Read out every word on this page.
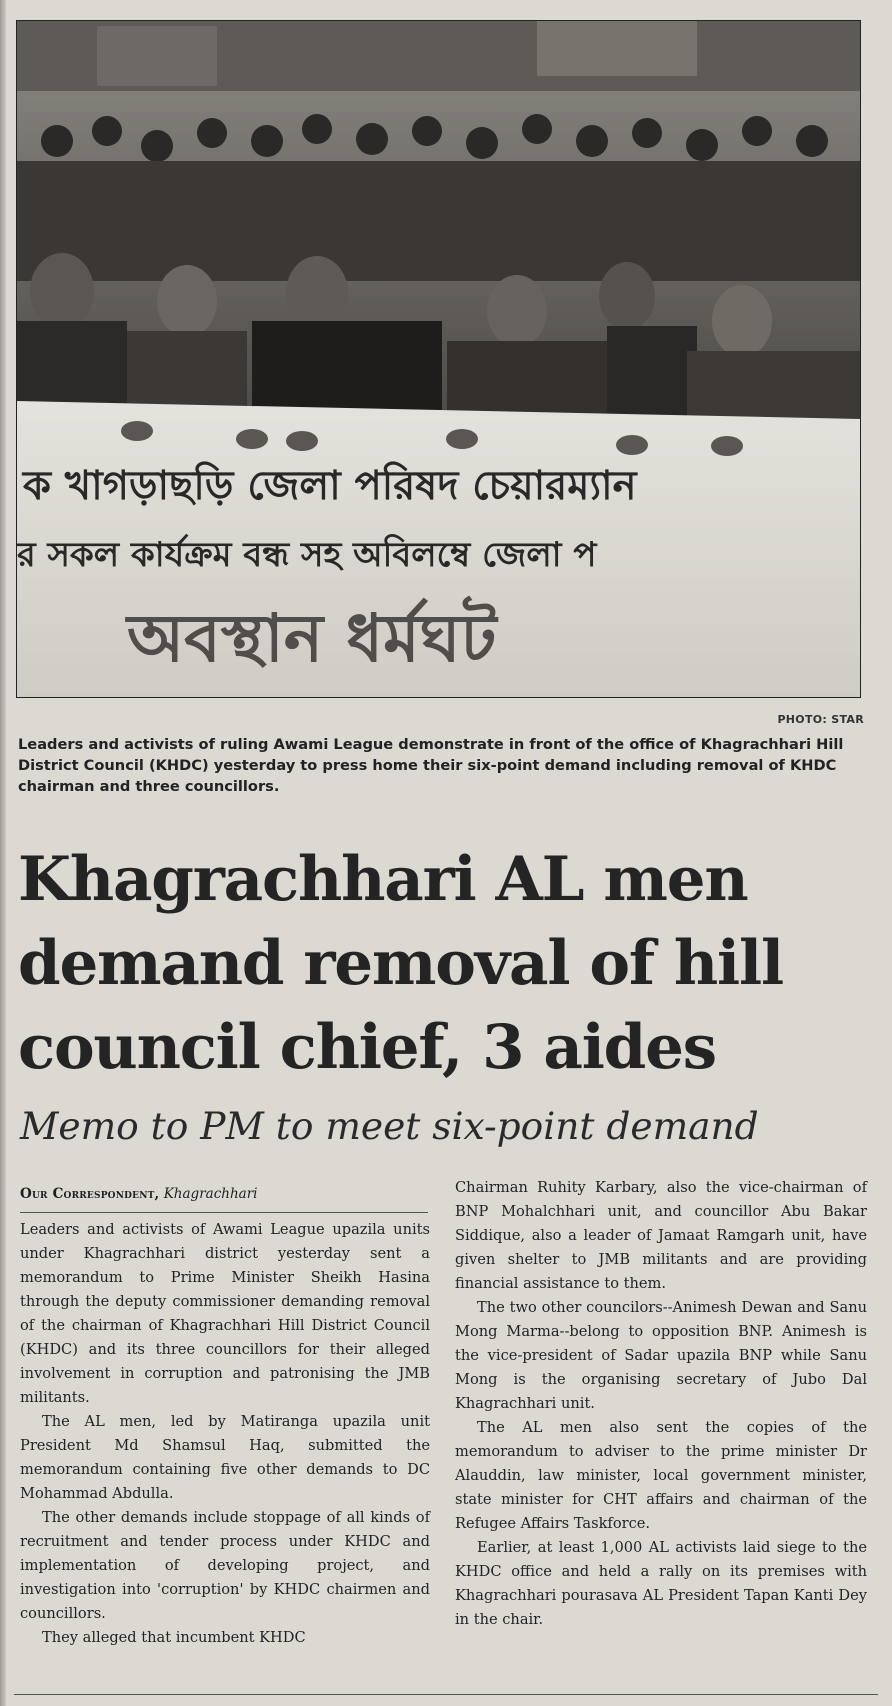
ক খাগড়াছড়ি জেলা পরিষদ চেয়ারম্যান
র সকল কার্যক্রম বন্ধ সহ অবিলম্বে জেলা প
অবস্থান ধর্মঘট
PHOTO: STAR
Leaders and activists of ruling Awami League demonstrate in front of the office of Khagrachhari Hill District Council (KHDC) yesterday to press home their six-point demand including removal of KHDC chairman and three councillors.
Khagrachhari AL men demand removal of hill council chief, 3 aides
Memo to PM to meet six-point demand
Our Correspondent, Khagrachhari

Leaders and activists of Awami League upazila units under Khagrachhari district yesterday sent a memorandum to Prime Minister Sheikh Hasina through the deputy commissioner demanding removal of the chairman of Khagrachhari Hill District Council (KHDC) and its three councillors for their alleged involvement in corruption and patronising the JMB militants.

The AL men, led by Matiranga upazila unit President Md Shamsul Haq, submitted the memorandum containing five other demands to DC Mohammad Abdulla.

The other demands include stoppage of all kinds of recruitment and tender process under KHDC and implementation of developing project, and investigation into 'corruption' by KHDC chairmen and councillors.

They alleged that incumbent KHDC

Chairman Ruhity Karbary, also the vice-chairman of BNP Mohalchhari unit, and councillor Abu Bakar Siddique, also a leader of Jamaat Ramgarh unit, have given shelter to JMB militants and are providing financial assistance to them.

The two other councilors--Animesh Dewan and Sanu Mong Marma--belong to opposition BNP. Animesh is the vice-president of Sadar upazila BNP while Sanu Mong is the organising secretary of Jubo Dal Khagrachhari unit.

The AL men also sent the copies of the memorandum to adviser to the prime minister Dr Alauddin, law minister, local government minister, state minister for CHT affairs and chairman of the Refugee Affairs Taskforce.

Earlier, at least 1,000 AL activists laid siege to the KHDC office and held a rally on its premises with Khagrachhari pourasava AL President Tapan Kanti Dey in the chair.
